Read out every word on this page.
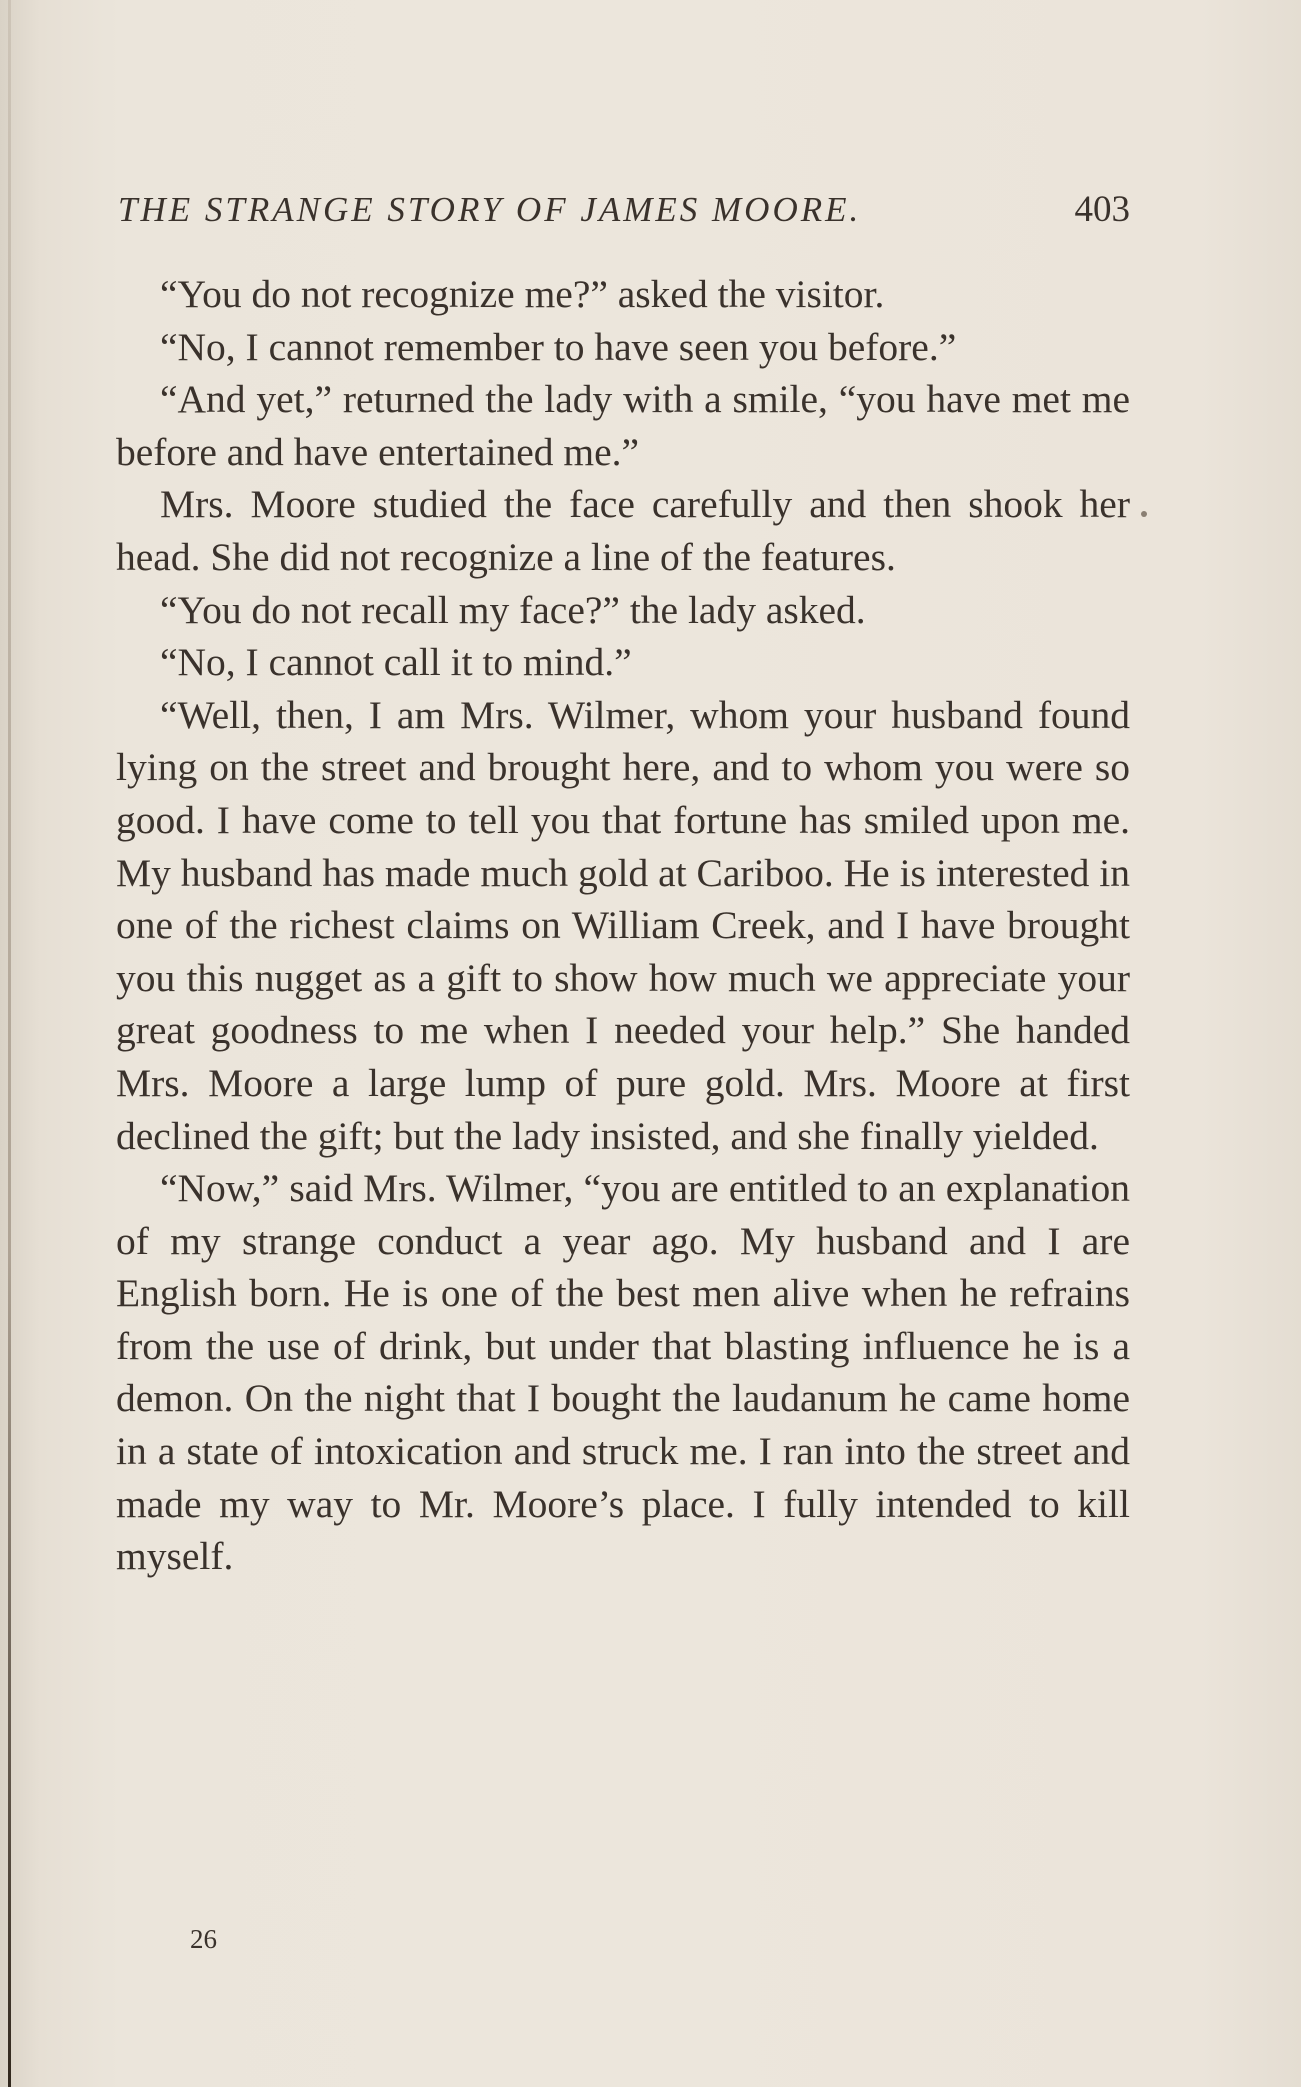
THE STRANGE STORY OF JAMES MOORE.	403

“You do not recognize me?” asked the visitor.

“No, I cannot remember to have seen you before.”

“And yet,” returned the lady with a smile, “you have met me before and have entertained me.”

Mrs. Moore studied the face carefully and then shook her head. She did not recognize a line of the features.

“You do not recall my face?” the lady asked.

“No, I cannot call it to mind.”

“Well, then, I am Mrs. Wilmer, whom your husband found lying on the street and brought here, and to whom you were so good. I have come to tell you that fortune has smiled upon me. My husband has made much gold at Cariboo. He is interested in one of the richest claims on William Creek, and I have brought you this nugget as a gift to show how much we appreciate your great goodness to me when I needed your help.” She handed Mrs. Moore a large lump of pure gold. Mrs. Moore at first declined the gift; but the lady insisted, and she finally yielded.

“Now,” said Mrs. Wilmer, “you are entitled to an explanation of my strange conduct a year ago. My husband and I are English born. He is one of the best men alive when he refrains from the use of drink, but under that blasting influence he is a demon. On the night that I bought the laudanum he came home in a state of intoxication and struck me. I ran into the street and made my way to Mr. Moore’s place. I fully intended to kill myself.

26
